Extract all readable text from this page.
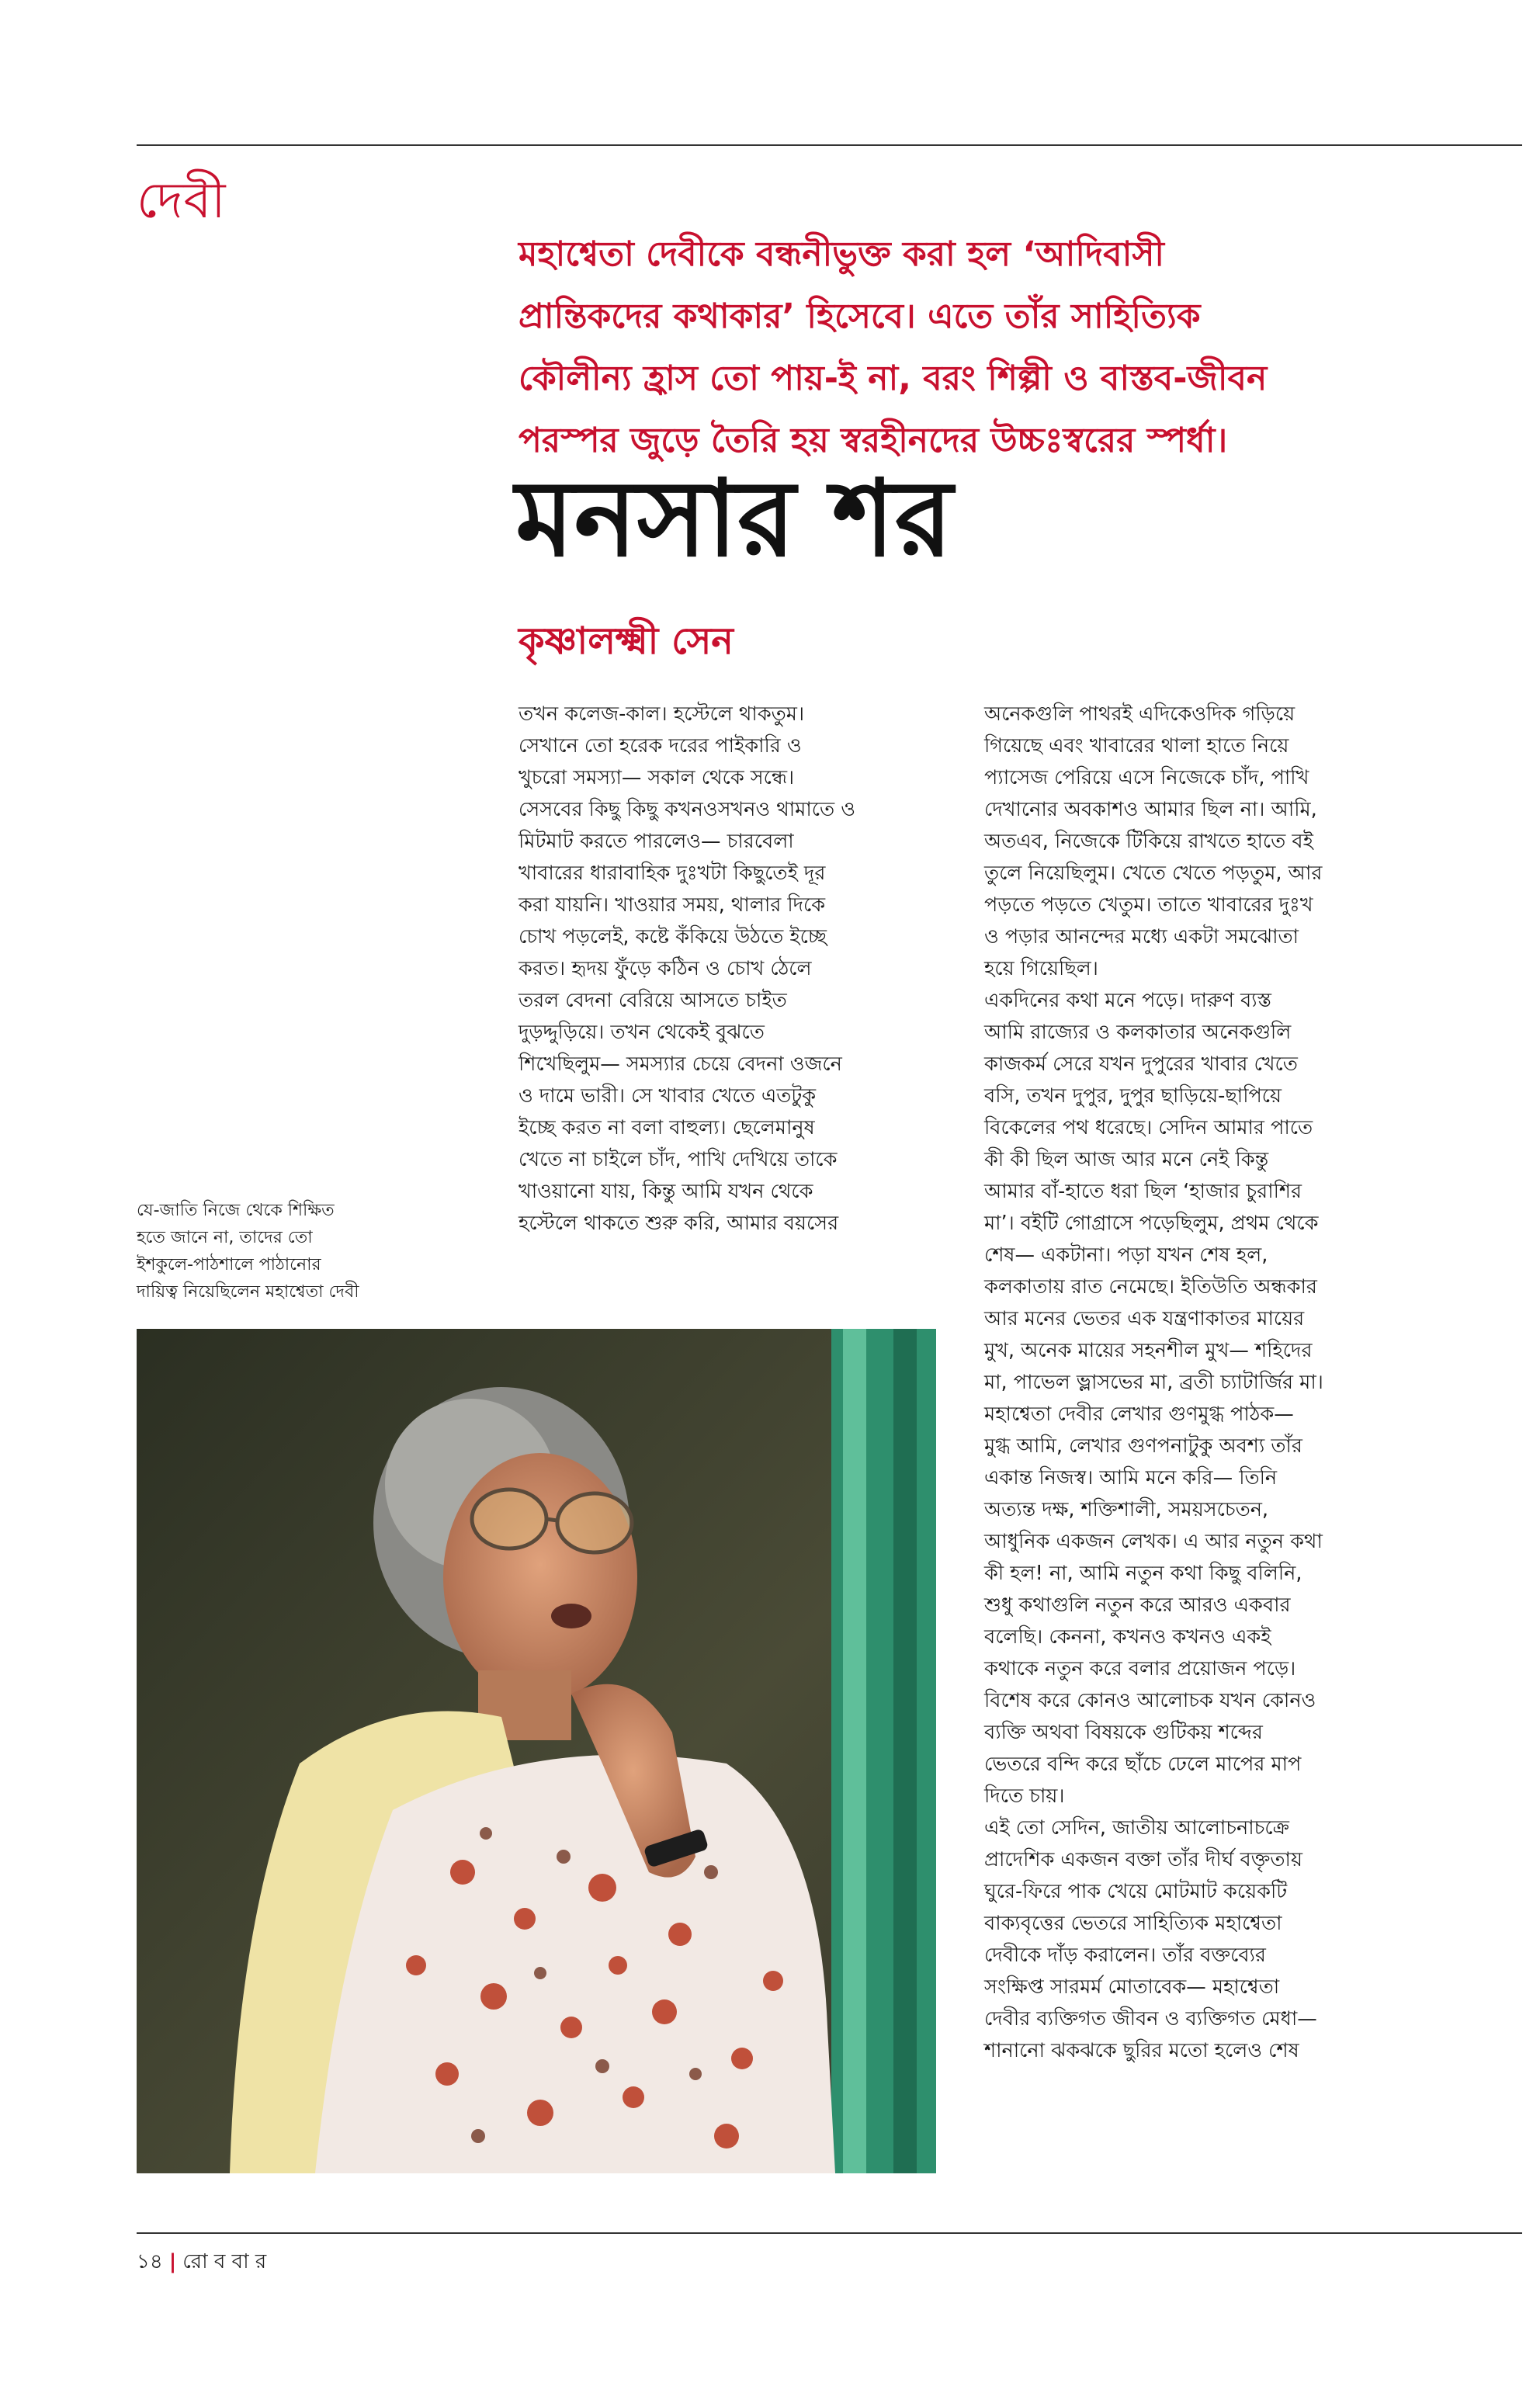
দেবী
মহাশ্বেতা দেবীকে বন্ধনীভুক্ত করা হল ‘আদিবাসী
প্রান্তিকদের কথাকার’ হিসেবে। এতে তাঁর সাহিত্যিক
কৌলীন্য হ্রাস তো পায়-ই না, বরং শিল্পী ও বাস্তব-জীবন
পরস্পর জুড়ে তৈরি হয় স্বরহীনদের উচ্চঃস্বরের স্পর্ধা।
মনসার শর
কৃষ্ণালক্ষ্মী সেন
তখন কলেজ-কাল। হস্টেলে থাকতুম।
সেখানে তো হরেক দরের পাইকারি ও
খুচরো সমস্যা— সকাল থেকে সন্ধে।
সেসবের কিছু কিছু কখনওসখনও থামাতে ও
মিটমাট করতে পারলেও— চারবেলা
খাবারের ধারাবাহিক দুঃখটা কিছুতেই দূর
করা যায়নি। খাওয়ার সময়, থালার দিকে
চোখ পড়লেই, কষ্টে কঁকিয়ে উঠতে ইচ্ছে
করত। হৃদয় ফুঁড়ে কঠিন ও চোখ ঠেলে
তরল বেদনা বেরিয়ে আসতে চাইত
দুড়দ্দুড়িয়ে। তখন থেকেই বুঝতে
শিখেছিলুম— সমস্যার চেয়ে বেদনা ওজনে
ও দামে ভারী। সে খাবার খেতে এতটুকু
ইচ্ছে করত না বলা বাহুল্য। ছেলেমানুষ
খেতে না চাইলে চাঁদ, পাখি দেখিয়ে তাকে
খাওয়ানো যায়, কিন্তু আমি যখন থেকে
হস্টেলে থাকতে শুরু করি, আমার বয়সের
অনেকগুলি পাথরই এদিকেওদিক গড়িয়ে
গিয়েছে এবং খাবারের থালা হাতে নিয়ে
প্যাসেজ পেরিয়ে এসে নিজেকে চাঁদ, পাখি
দেখানোর অবকাশও আমার ছিল না। আমি,
অতএব, নিজেকে টিকিয়ে রাখতে হাতে বই
তুলে নিয়েছিলুম। খেতে খেতে পড়তুম, আর
পড়তে পড়তে খেতুম। তাতে খাবারের দুঃখ
ও পড়ার আনন্দের মধ্যে একটা সমঝোতা
হয়ে গিয়েছিল।
একদিনের কথা মনে পড়ে। দারুণ ব্যস্ত
আমি রাজ্যের ও কলকাতার অনেকগুলি
কাজকর্ম সেরে যখন দুপুরের খাবার খেতে
বসি, তখন দুপুর, দুপুর ছাড়িয়ে-ছাপিয়ে
বিকেলের পথ ধরেছে। সেদিন আমার পাতে
কী কী ছিল আজ আর মনে নেই কিন্তু
আমার বাঁ-হাতে ধরা ছিল ‘হাজার চুরাশির
মা’। বইটি গোগ্রাসে পড়েছিলুম, প্রথম থেকে
শেষ— একটানা। পড়া যখন শেষ হল,
কলকাতায় রাত নেমেছে। ইতিউতি অন্ধকার
আর মনের ভেতর এক যন্ত্রণাকাতর মায়ের
মুখ, অনেক মায়ের সহনশীল মুখ— শহিদের
মা, পাভেল ভ্লাসভের মা, ব্রতী চ্যাটার্জির মা।
মহাশ্বেতা দেবীর লেখার গুণমুগ্ধ পাঠক—
মুগ্ধ আমি, লেখার গুণপনাটুকু অবশ্য তাঁর
একান্ত নিজস্ব। আমি মনে করি— তিনি
অত্যন্ত দক্ষ, শক্তিশালী, সময়সচেতন,
আধুনিক একজন লেখক। এ আর নতুন কথা
কী হল! না, আমি নতুন কথা কিছু বলিনি,
শুধু কথাগুলি নতুন করে আরও একবার
বলেছি। কেননা, কখনও কখনও একই
কথাকে নতুন করে বলার প্রয়োজন পড়ে।
বিশেষ করে কোনও আলোচক যখন কোনও
ব্যক্তি অথবা বিষয়কে গুটিকয় শব্দের
ভেতরে বন্দি করে ছাঁচে ঢেলে মাপের মাপ
দিতে চায়।
এই তো সেদিন, জাতীয় আলোচনাচক্রে
প্রাদেশিক একজন বক্তা তাঁর দীর্ঘ বক্তৃতায়
ঘুরে-ফিরে পাক খেয়ে মোটমাট কয়েকটি
বাক্যবৃত্তের ভেতরে সাহিত্যিক মহাশ্বেতা
দেবীকে দাঁড় করালেন। তাঁর বক্তব্যের
সংক্ষিপ্ত সারমর্ম মোতাবেক— মহাশ্বেতা
দেবীর ব্যক্তিগত জীবন ও ব্যক্তিগত মেধা—
শানানো ঝকঝকে ছুরির মতো হলেও শেষ
যে-জাতি নিজে থেকে শিক্ষিত
হতে জানে না, তাদের তো
ইশকুলে-পাঠশালে পাঠানোর
দায়িত্ব নিয়েছিলেন মহাশ্বেতা দেবী
১৪ | রো ব বা র
